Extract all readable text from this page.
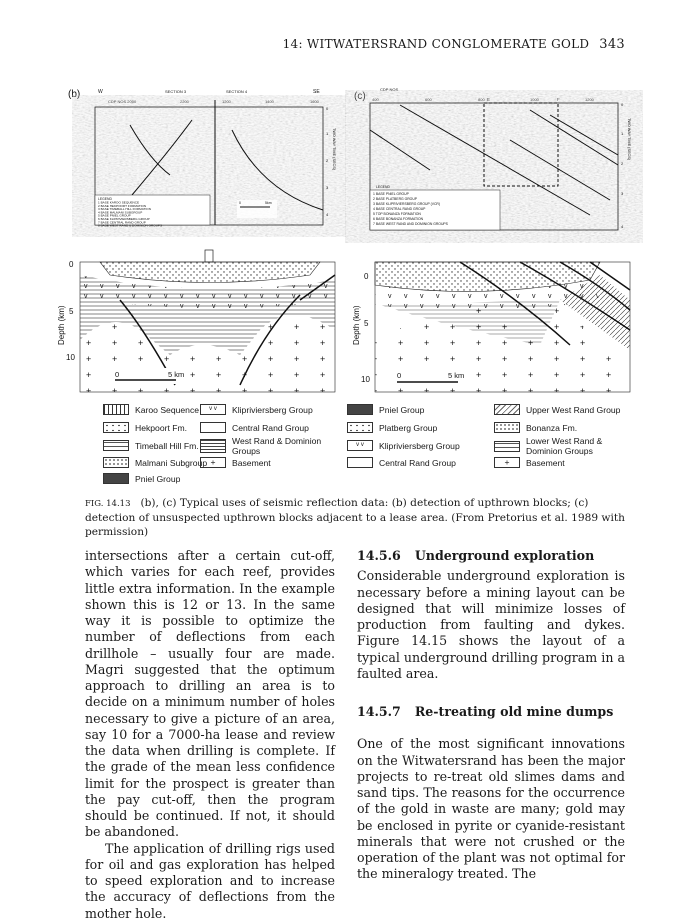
14: WITWATERSRAND CONGLOMERATE GOLD 343
(b)	W	SECTION 3	SECTION 4	SE
CDP NOS 2000	2200	1200	1400	1600
LEGEND
1 BASE KAROO SEQUENCE
2 BASE HEKPOORT FORMATION
3 BASE TIMEBALL HILL FORMATION
4 BASE MALMANI SUBGROUP
5 BASE PNIEL GROUP
6 BASE KLIPRIVIERSBERG GROUP
7 BASE CENTRAL RAND GROUP
8 BASE WEST RAND & DOMINION GROUPS
0	5km
0
1
2
3
4
TWO WAY TIME (SECS)
(c)
CDP NOS
400	600	800	1000	1200
E	F
LEGEND
1 BASE PNIEL GROUP
2 BASE PLATBERG GROUP
3 BASE KLIPRIVIERSBERG GROUP (VCR)
4 BASE CENTRAL RAND GROUP
5 TOP BONANZA FORMATION
6 BASE BONANZA FORMATION
7 BASE WEST RAND AND DOMINION GROUPS
0
1
2
3
4
TWO WAY TIME (SECS)
0
5
10
Depth (km)
0	5 km
0
5
10
Depth (km)
0	5 km
Karoo Sequence
Hekpoort Fm.
Timeball Hill Fm.
Malmani Subgroup
Pniel Group
v v	Klipriviersberg Group
Central Rand Group
West Rand & Dominion Groups
+	Basement
Pniel Group
Platberg Group
v v	Klipriviersberg Group
Central Rand Group
Upper West Rand Group
Bonanza Fm.
Lower West Rand & Dominion Groups
+	Basement
FIG. 14.13 (b), (c) Typical uses of seismic reflection data: (b) detection of upthrown blocks; (c) detection of unsuspected upthrown blocks adjacent to a lease area. (From Pretorius et al. 1989 with permission)

intersections after a certain cut-off, which varies for each reef, provides little extra information. In the example shown this is 12 or 13. In the same way it is possible to optimize the number of deflections from each drillhole – usually four are made. Magri suggested that the optimum approach to drilling an area is to decide on a minimum number of holes necessary to give a picture of an area, say 10 for a 7000-ha lease and review the data when drilling is complete. If the grade of the mean less confidence limit for the prospect is greater than the pay cut-off, then the program should be continued. If not, it should be abandoned.

The application of drilling rigs used for oil and gas exploration has helped to speed exploration and to increase the accuracy of deflections from the mother hole.

14.5.6 Underground exploration

Considerable underground exploration is necessary before a mining layout can be designed that will minimize losses of production from faulting and dykes. Figure 14.15 shows the layout of a typical underground drilling program in a faulted area.

14.5.7 Re-treating old mine dumps

One of the most significant innovations on the Witwatersrand has been the major projects to re-treat old slimes dams and sand tips. The reasons for the occurrence of the gold in waste are many; gold may be enclosed in pyrite or cyanide-resistant minerals that were not crushed or the operation of the plant was not optimal for the mineralogy treated. The
